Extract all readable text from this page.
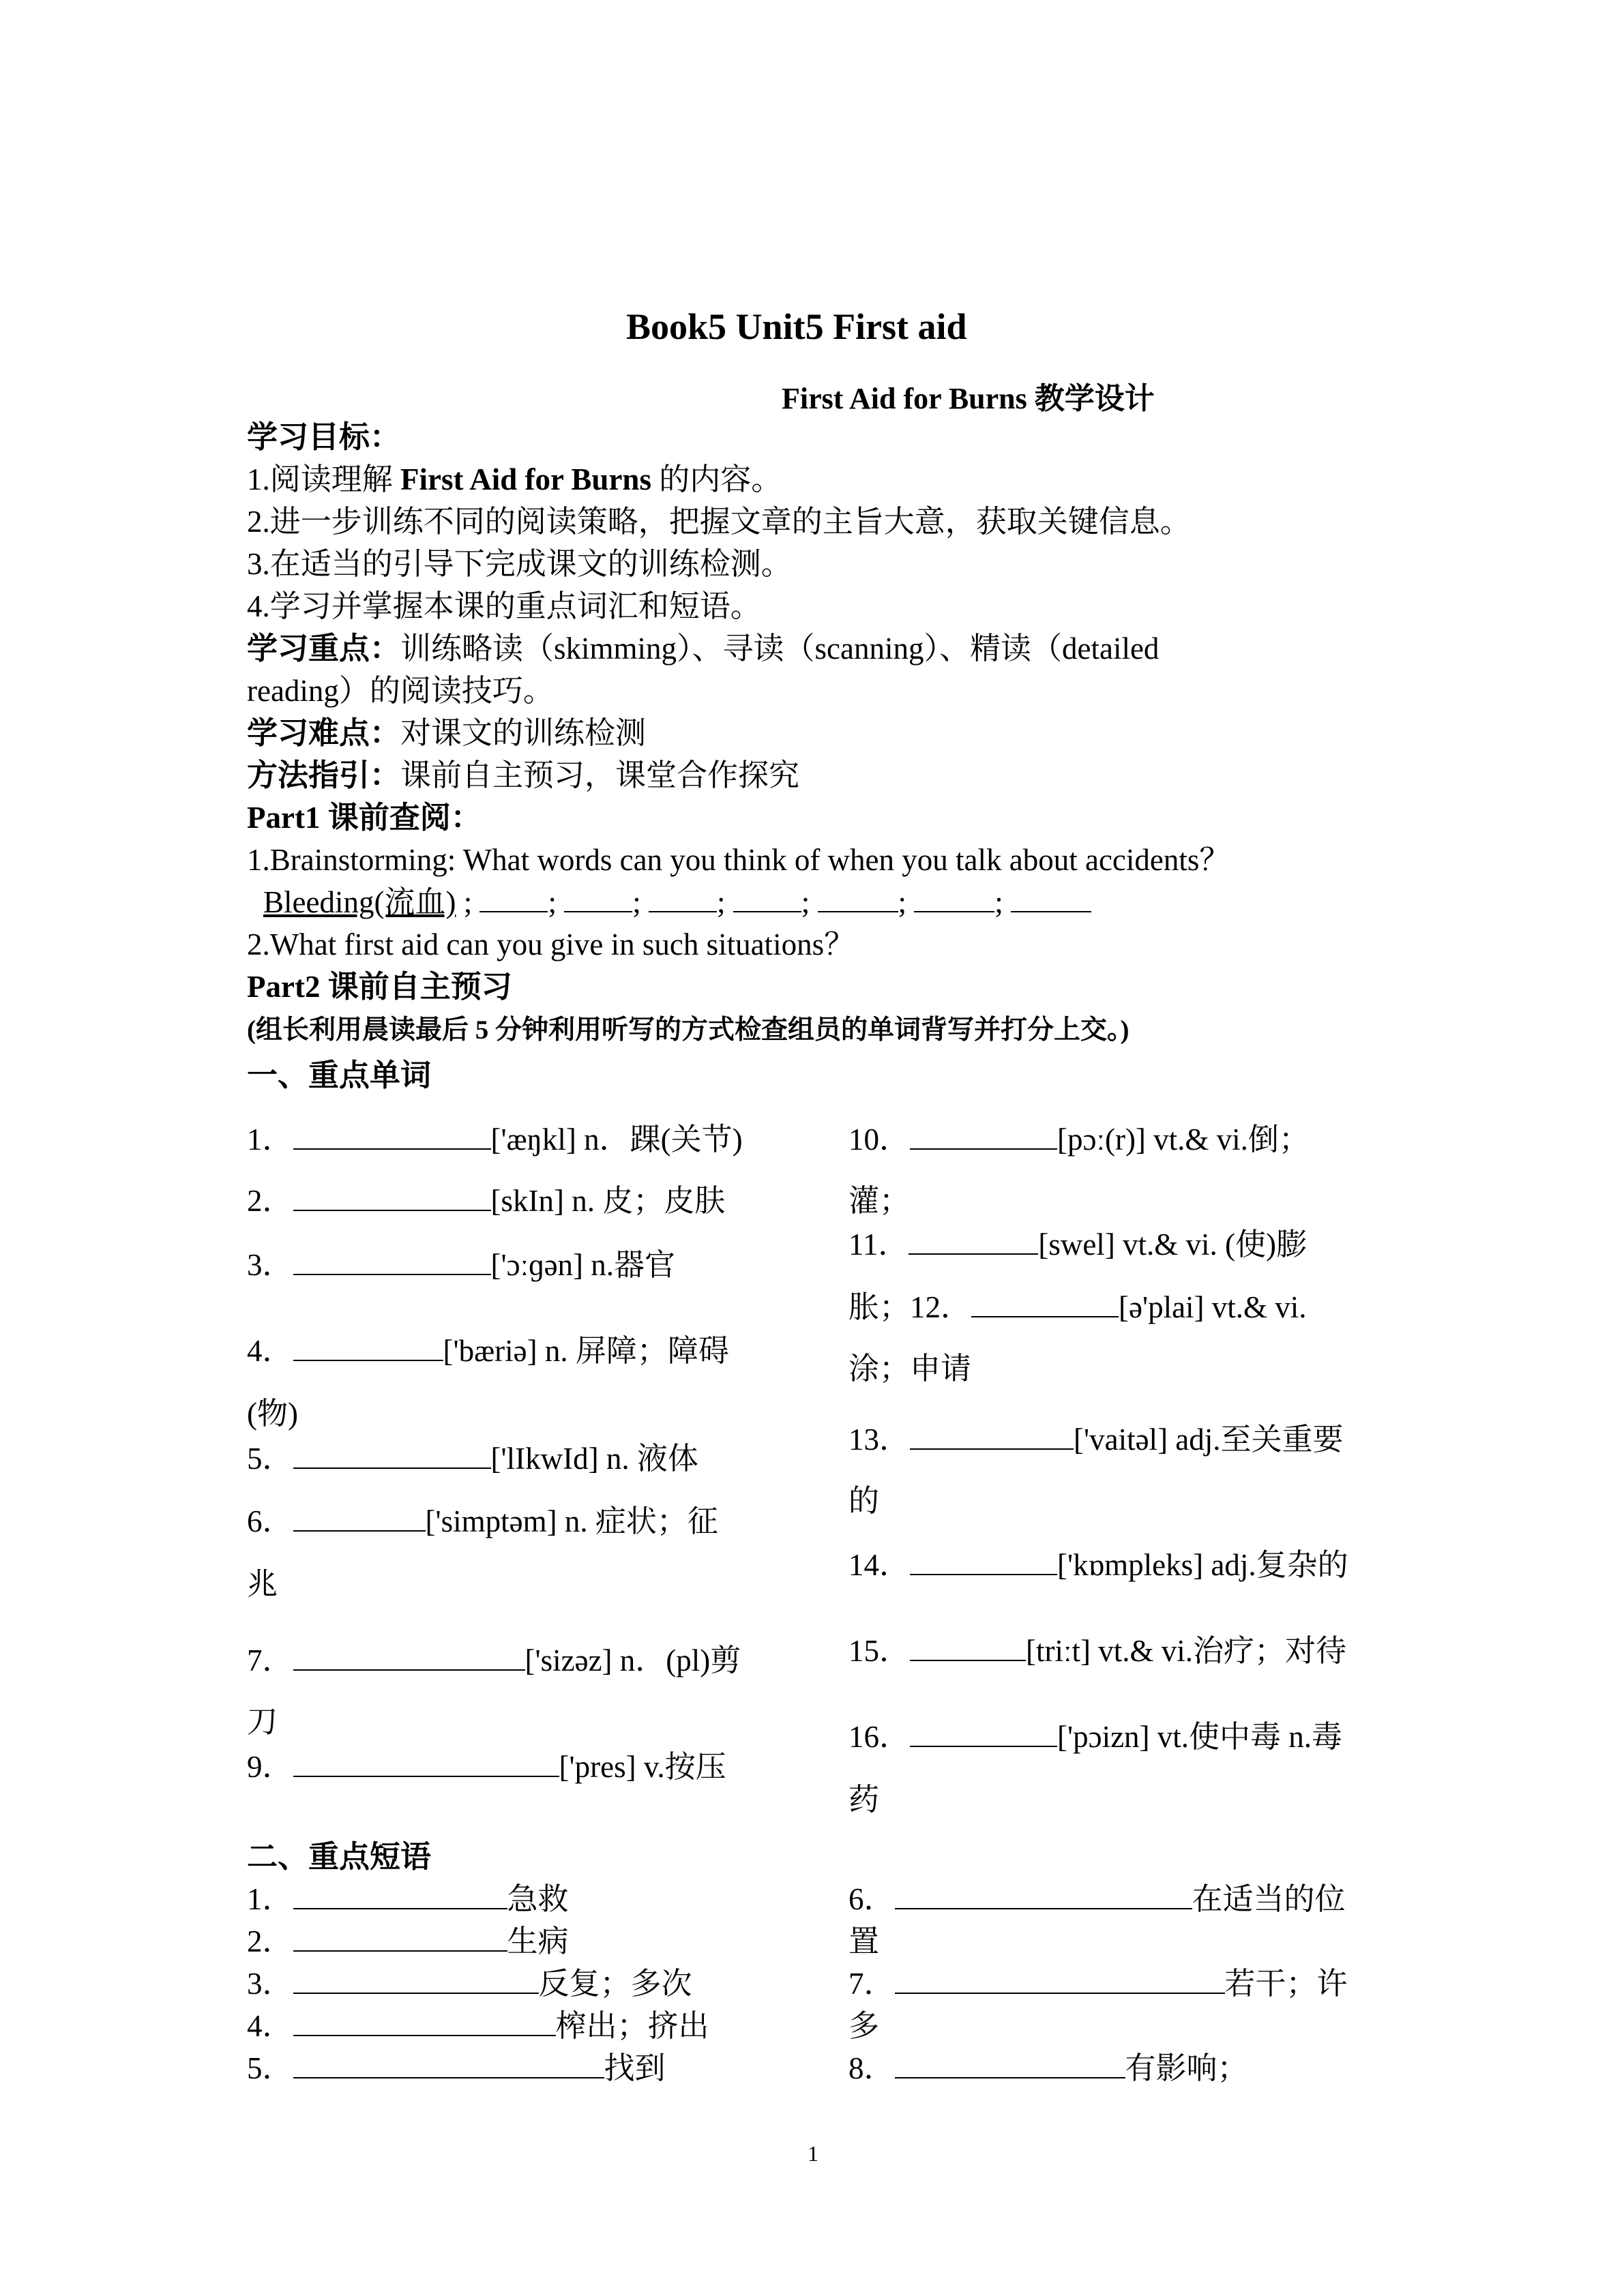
Book5 Unit5 First aid
First Aid for Burns 教学设计
学习目标：
1.阅读理解 First Aid for Burns 的内容。
2.进一步训练不同的阅读策略，把握文章的主旨大意，获取关键信息。
3.在适当的引导下完成课文的训练检测。
4.学习并掌握本课的重点词汇和短语。
学习重点：训练略读（skimming）、寻读（scanning）、精读（detailed
reading）的阅读技巧。
学习难点：对课文的训练检测
方法指引：课前自主预习，课堂合作探究
Part1 课前查阅：
1.Brainstorming: What words can you think of when you talk about accidents？
Bleeding(流血) ; ; ; ; ;	;	;
2.What first aid can you give in such situations？
Part2 课前自主预习
(组长利用晨读最后 5 分钟利用听写的方式检查组员的单词背写并打分上交。)
一、重点单词
1．	['æŋkl] n．踝(关节)
2．	[skIn] n. 皮；皮肤
3．	['ɔːɡən] n.器官
4．	['bæriə] n. 屏障；障碍
(物)
5．	['lIkwId] n. 液体
6．	['simptəm] n. 症状；征
兆
7．	['sizəz] n．(pl)剪
刀
9．	['pres] v.按压
10．	[pɔː(r)] vt.& vi.倒；
灌；
11．	[swel] vt.& vi. (使)膨
胀；12．	[ə'plai] vt.& vi.
涂；申请
13．	['vaitəl] adj.至关重要
的
14．	['kɒmpleks] adj.复杂的
15．	[triːt] vt.& vi.治疗；对待
16．	['pɔizn] vt.使中毒 n.毒
药
二、重点短语
1．	急救
2．	生病
3．	反复；多次
4．	榨出；挤出
5．	找到
6．	在适当的位
置
7．	若干；许
多
8．	有影响；
1
